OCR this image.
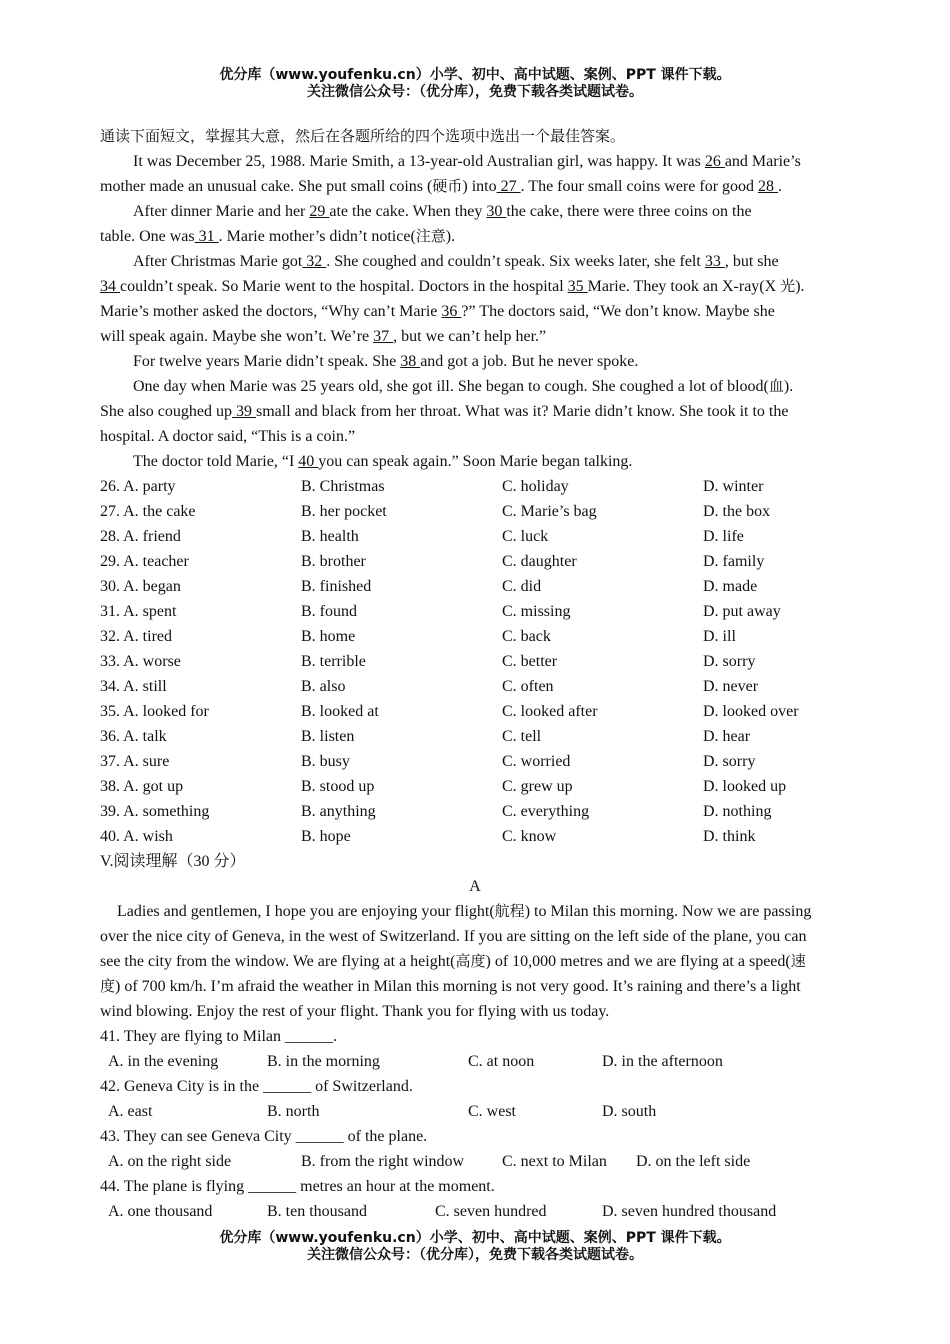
优分库（www.youfenku.cn）小学、初中、高中试题、案例、PPT 课件下载。
关注微信公众号：（优分库），免费下载各类试题试卷。
通读下面短文，掌握其大意，然后在各题所给的四个选项中选出一个最佳答案。
It was December 25, 1988. Marie Smith, a 13-year-old Australian girl, was happy. It was 26 and Marie’s
mother made an unusual cake. She put small coins (硬币) into 27 . The four small coins were for good 28 .
After dinner Marie and her 29 ate the cake. When they 30 the cake, there were three coins on the
table. One was 31 . Marie mother’s didn’t notice(注意).
After Christmas Marie got 32 . She coughed and couldn’t speak. Six weeks later, she felt 33 , but she
34 couldn’t speak. So Marie went to the hospital. Doctors in the hospital 35 Marie. They took an X-ray(X 光).
Marie’s mother asked the doctors, “Why can’t Marie 36 ?” The doctors said, “We don’t know. Maybe she
will speak again. Maybe she won’t. We’re 37 , but we can’t help her.”
For twelve years Marie didn’t speak. She 38 and got a job. But he never spoke.
One day when Marie was 25 years old, she got ill. She began to cough. She coughed a lot of blood(血).
She also coughed up 39 small and black from her throat. What was it? Marie didn’t know. She took it to the
hospital. A doctor said, “This is a coin.”
The doctor told Marie, “I 40 you can speak again.” Soon Marie began talking.
26. A. party	B. Christmas	C. holiday	D. winter
27. A. the cake	B. her pocket	C. Marie’s bag	D. the box
28. A. friend	B. health	C. luck	D. life
29. A. teacher	B. brother	C. daughter	D. family
30. A. began	B. finished	C. did	D. made
31. A. spent	B. found	C. missing	D. put away
32. A. tired	B. home	C. back	D. ill
33. A. worse	B. terrible	C. better	D. sorry
34. A. still	B. also	C. often	D. never
35. A. looked for	B. looked at	C. looked after	D. looked over
36. A. talk	B. listen	C. tell	D. hear
37. A. sure	B. busy	C. worried	D. sorry
38. A. got up	B. stood up	C. grew up	D. looked up
39. A. something	B. anything	C. everything	D. nothing
40. A. wish	B. hope	C. know	D. think
V.阅读理解（30 分）
A
Ladies and gentlemen, I hope you are enjoying your flight(航程) to Milan this morning. Now we are passing
over the nice city of Geneva, in the west of Switzerland. If you are sitting on the left side of the plane, you can
see the city from the window. We are flying at a height(高度) of 10,000 metres and we are flying at a speed(速
度) of 700 km/h. I’m afraid the weather in Milan this morning is not very good. It’s raining and there’s a light
wind blowing. Enjoy the rest of your flight. Thank you for flying with us today.
41. They are flying to Milan ______.
A. in the evening	B. in the morning	C. at noon	D. in the afternoon
42. Geneva City is in the ______ of Switzerland.
A. east	B. north	C. west	D. south
43. They can see Geneva City ______ of the plane.
A. on the right side	B. from the right window C. next to Milan D. on the left side
44. The plane is flying ______ metres an hour at the moment.
A. one thousand	B. ten thousand	C. seven hundred	D. seven hundred thousand
优分库（www.youfenku.cn）小学、初中、高中试题、案例、PPT 课件下载。
关注微信公众号：（优分库），免费下载各类试题试卷。
